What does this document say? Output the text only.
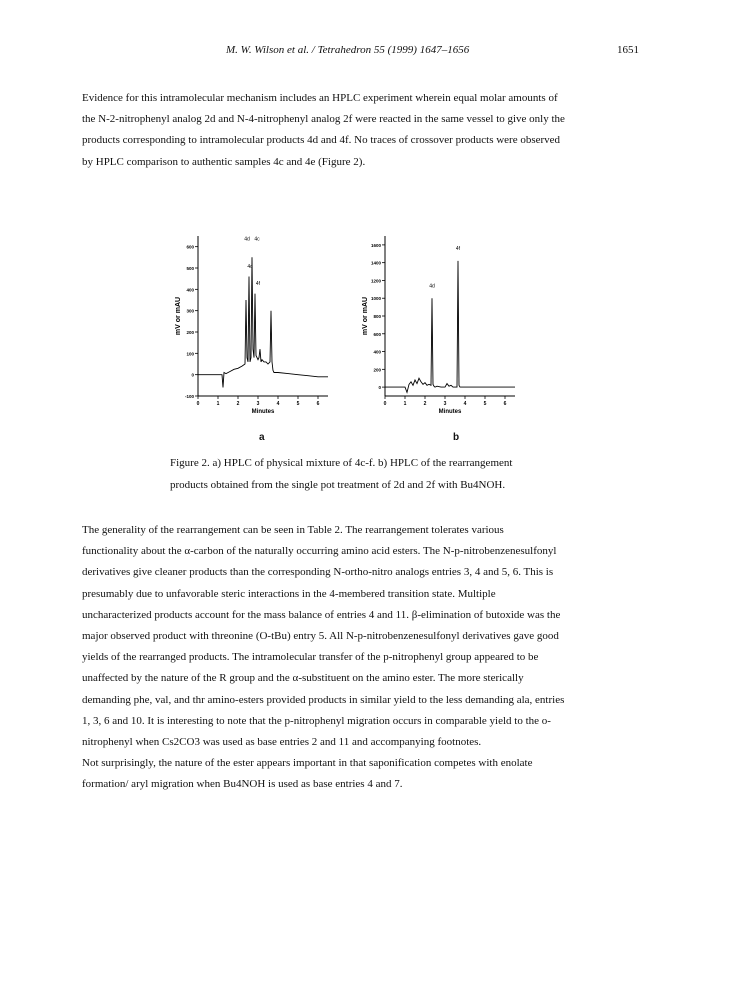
M. W. Wilson et al. / Tetrahedron 55 (1999) 1647–1656	1651
Evidence for this intramolecular mechanism includes an HPLC experiment wherein equal molar amounts of
the N-2-nitrophenyl analog 2d and N-4-nitrophenyl analog 2f were reacted in the same vessel to give only the
products corresponding to intramolecular products 4d and 4f. No traces of crossover products were observed
by HPLC comparison to authentic samples 4c and 4e (Figure 2).
-100
0
100
200
300
400
500
600
0	1	2	3	4	5	6
Minutes
mV or mAU
4d 4c
4c
4f
0
200
400
600
800
1000
1200
1400
1600
0	1	2	3	4	5	6
Minutes
mV or mAU
4d
4f
a	b
Figure 2. a) HPLC of physical mixture of 4c-f. b) HPLC of the rearrangement
products obtained from the single pot treatment of 2d and 2f with Bu4NOH.
The generality of the rearrangement can be seen in Table 2. The rearrangement tolerates various
functionality about the α-carbon of the naturally occurring amino acid esters. The N-p-nitrobenzenesulfonyl
derivatives give cleaner products than the corresponding N-ortho-nitro analogs entries 3, 4 and 5, 6. This is
presumably due to unfavorable steric interactions in the 4-membered transition state. Multiple
uncharacterized products account for the mass balance of entries 4 and 11. β-elimination of butoxide was the
major observed product with threonine (O-tBu) entry 5. All N-p-nitrobenzenesulfonyl derivatives gave good
yields of the rearranged products. The intramolecular transfer of the p-nitrophenyl group appeared to be
unaffected by the nature of the R group and the α-substituent on the amino ester. The more sterically
demanding phe, val, and thr amino-esters provided products in similar yield to the less demanding ala, entries
1, 3, 6 and 10. It is interesting to note that the p-nitrophenyl migration occurs in comparable yield to the o-
nitrophenyl when Cs2CO3 was used as base entries 2 and 11 and accompanying footnotes.
Not surprisingly, the nature of the ester appears important in that saponification competes with enolate
formation/ aryl migration when Bu4NOH is used as base entries 4 and 7.
